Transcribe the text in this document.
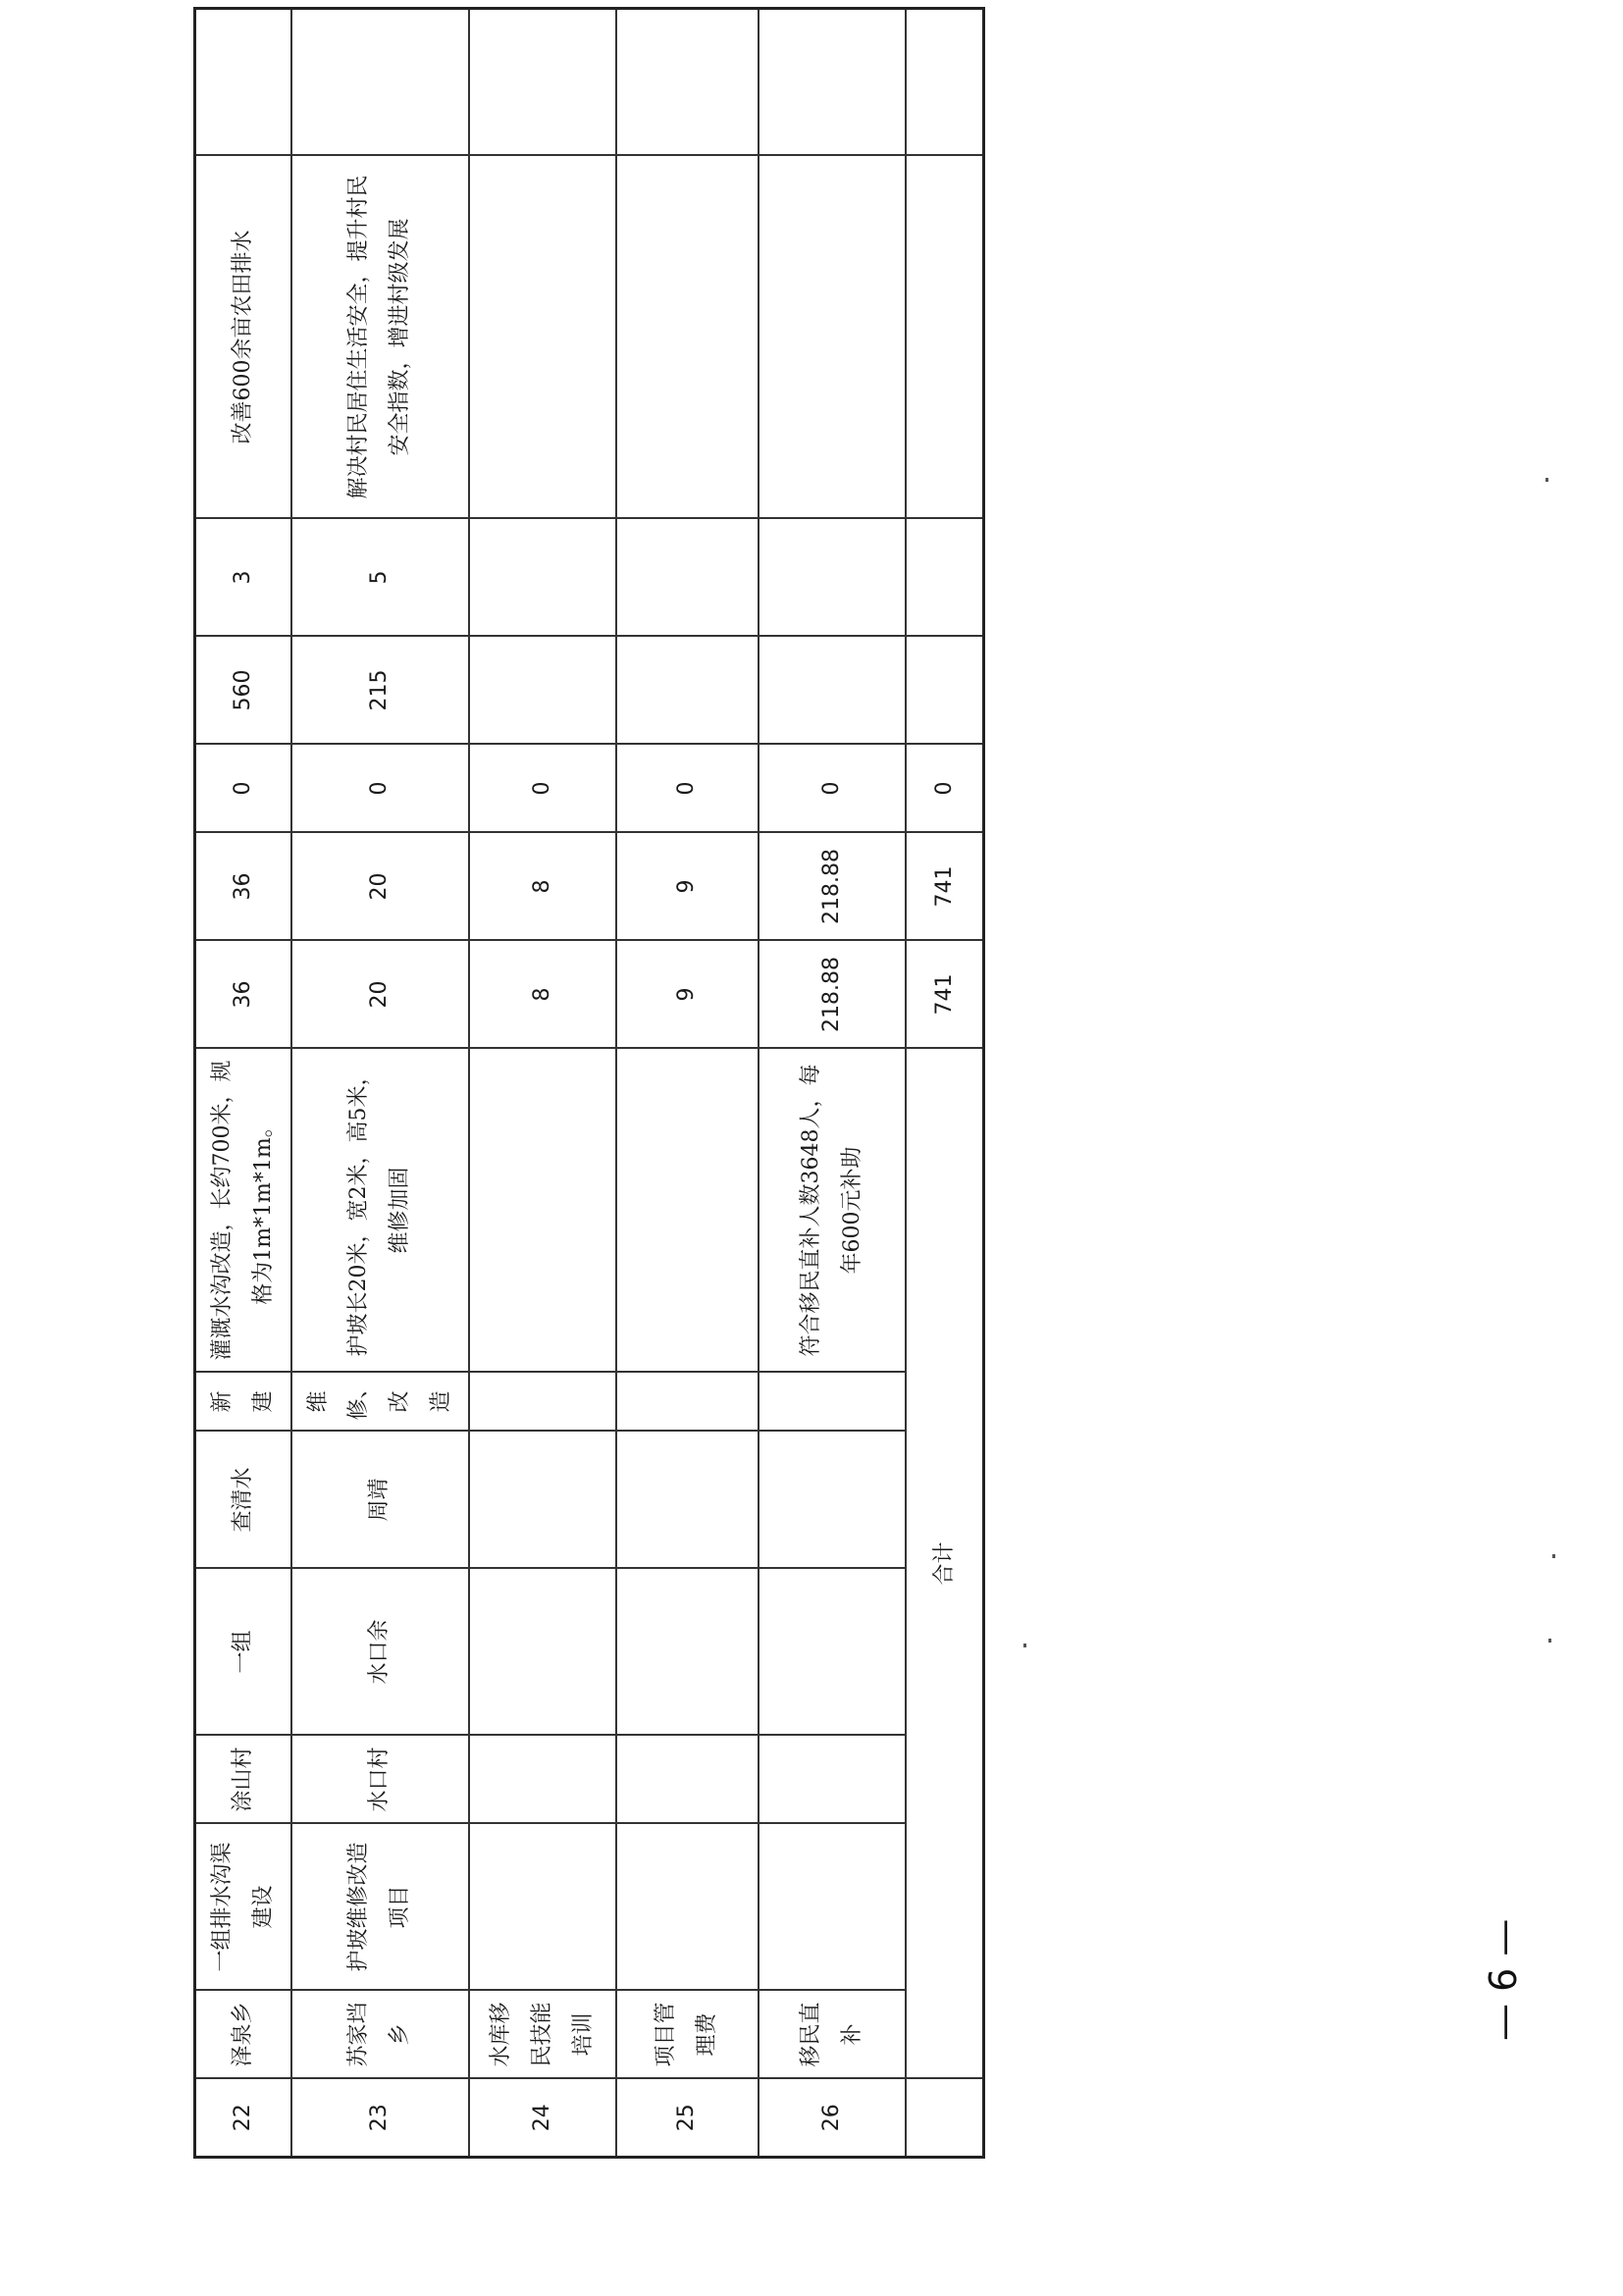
22	泽泉乡	一组排水沟渠建设	涂山村	一组	查清水	新建	灌溉水沟改造，长约700米，规格为1m*1m*1m。	36	36	0	560	3	改善600余亩农田排水	
23	苏家垱乡	护坡维修改造项目	水口村	水口余	周靖	维修、改造	护坡长20米，宽2米，高5米，维修加固	20	20	0	215	5	解决村民居住生活安全，提升村民安全指数，增进村级发展	
24	水库移民技能培训							8	8	0				
25	项目管理费							9	9	0				
26	移民直补						符合移民直补人数3648人，每年600元补助	218.88	218.88	0				
	合计							741	741	0				
— 6 —
